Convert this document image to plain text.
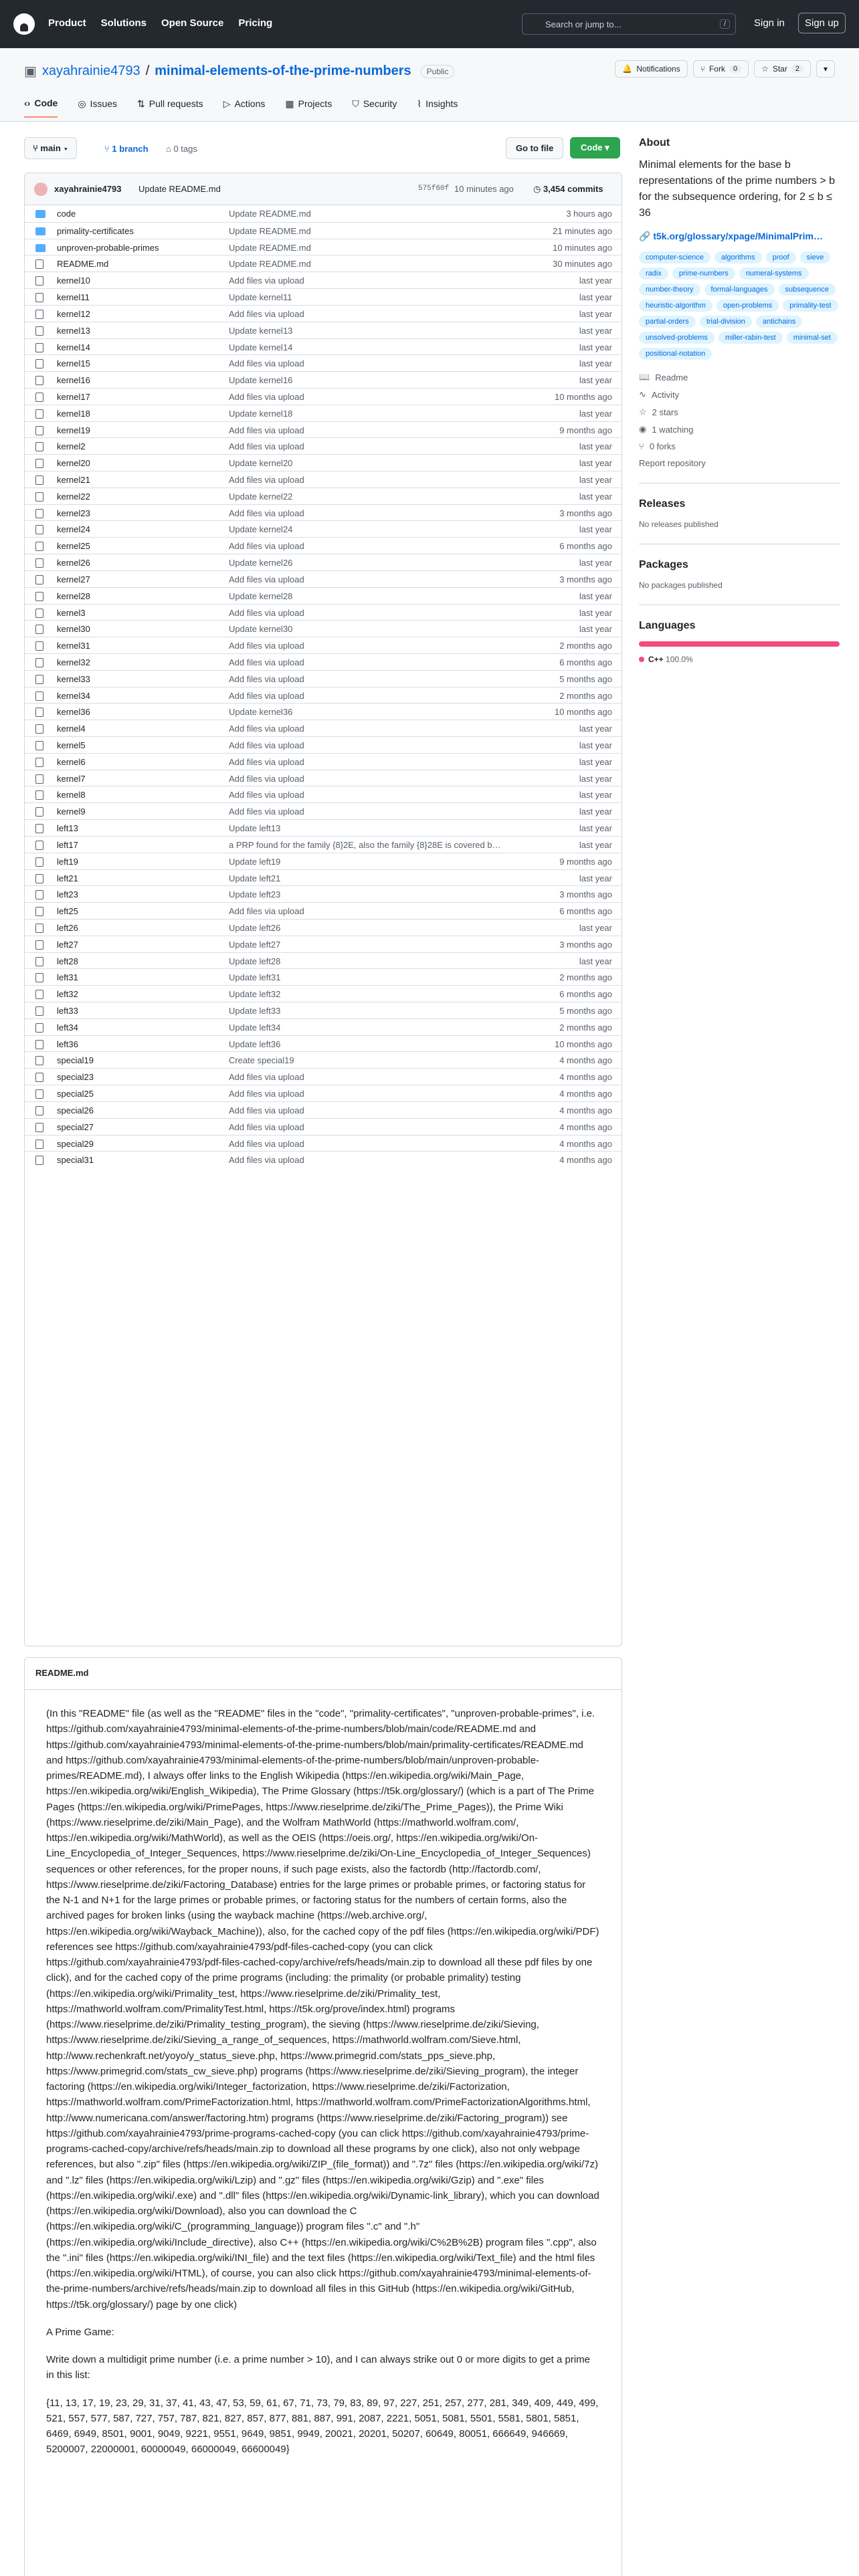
Product Solutions Open Source Pricing	Search or jump to...	/	Sign in	Sign up
▣ xayahrainie4793 / minimal-elements-of-the-prime-numbers	Public	🔔 Notifications	⑂ Fork	0	☆ Star	2	▾
‹› Code ◎ Issues ⇅ Pull requests ▷ Actions ▦ Projects ⛉ Security ⌇ Insights
⑂ main ▾	⑂ 1 branch ⌂ 0 tags	Go to file	Code ▾
xayahrainie4793 Update README.md	575f60f 10 minutes ago ◷ 3,454 commits
code	Update README.md	3 hours ago
primality-certificates	Update README.md	21 minutes ago
unproven-probable-primes	Update README.md	10 minutes ago
README.md	Update README.md	30 minutes ago
kernel10	Add files via upload	last year
kernel11	Update kernel11	last year
kernel12	Add files via upload	last year
kernel13	Update kernel13	last year
kernel14	Update kernel14	last year
kernel15	Add files via upload	last year
kernel16	Update kernel16	last year
kernel17	Add files via upload	10 months ago
kernel18	Update kernel18	last year
kernel19	Add files via upload	9 months ago
kernel2	Add files via upload	last year
kernel20	Update kernel20	last year
kernel21	Add files via upload	last year
kernel22	Update kernel22	last year
kernel23	Add files via upload	3 months ago
kernel24	Update kernel24	last year
kernel25	Add files via upload	6 months ago
kernel26	Update kernel26	last year
kernel27	Add files via upload	3 months ago
kernel28	Update kernel28	last year
kernel3	Add files via upload	last year
kernel30	Update kernel30	last year
kernel31	Add files via upload	2 months ago
kernel32	Add files via upload	6 months ago
kernel33	Add files via upload	5 months ago
kernel34	Add files via upload	2 months ago
kernel36	Update kernel36	10 months ago
kernel4	Add files via upload	last year
kernel5	Add files via upload	last year
kernel6	Add files via upload	last year
kernel7	Add files via upload	last year
kernel8	Add files via upload	last year
kernel9	Add files via upload	last year
left13	Update left13	last year
left17	a PRP found for the family {8}2E, also the family {8}28E is covered b…	last year
left19	Update left19	9 months ago
left21	Update left21	last year
left23	Update left23	3 months ago
left25	Add files via upload	6 months ago
left26	Update left26	last year
left27	Update left27	3 months ago
left28	Update left28	last year
left31	Update left31	2 months ago
left32	Update left32	6 months ago
left33	Update left33	5 months ago
left34	Update left34	2 months ago
left36	Update left36	10 months ago
special19	Create special19	4 months ago
special23	Add files via upload	4 months ago
special25	Add files via upload	4 months ago
special26	Add files via upload	4 months ago
special27	Add files via upload	4 months ago
special29	Add files via upload	4 months ago
special31	Add files via upload	4 months ago
README.md

(In this "README" file (as well as the "README" files in the "code", "primality-certificates", "unproven-probable-primes", i.e. https://github.com/xayahrainie4793/minimal-elements-of-the-prime-numbers/blob/main/code/README.md and https://github.com/xayahrainie4793/minimal-elements-of-the-prime-numbers/blob/main/primality-certificates/README.md and https://github.com/xayahrainie4793/minimal-elements-of-the-prime-numbers/blob/main/unproven-probable-primes/README.md), I always offer links to the English Wikipedia (https://en.wikipedia.org/wiki/Main_Page, https://en.wikipedia.org/wiki/English_Wikipedia), The Prime Glossary (https://t5k.org/glossary/) (which is a part of The Prime Pages (https://en.wikipedia.org/wiki/PrimePages, https://www.rieselprime.de/ziki/The_Prime_Pages)), the Prime Wiki (https://www.rieselprime.de/ziki/Main_Page), and the Wolfram MathWorld (https://mathworld.wolfram.com/, https://en.wikipedia.org/wiki/MathWorld), as well as the OEIS (https://oeis.org/, https://en.wikipedia.org/wiki/On-Line_Encyclopedia_of_Integer_Sequences, https://www.rieselprime.de/ziki/On-Line_Encyclopedia_of_Integer_Sequences) sequences or other references, for the proper nouns, if such page exists, also the factordb (http://factordb.com/, https://www.rieselprime.de/ziki/Factoring_Database) entries for the large primes or probable primes, or factoring status for the N-1 and N+1 for the large primes or probable primes, or factoring status for the numbers of certain forms, also the archived pages for broken links (using the wayback machine (https://web.archive.org/, https://en.wikipedia.org/wiki/Wayback_Machine)), also, for the cached copy of the pdf files (https://en.wikipedia.org/wiki/PDF) references see https://github.com/xayahrainie4793/pdf-files-cached-copy (you can click https://github.com/xayahrainie4793/pdf-files-cached-copy/archive/refs/heads/main.zip to download all these pdf files by one click), and for the cached copy of the prime programs (including: the primality (or probable primality) testing (https://en.wikipedia.org/wiki/Primality_test, https://www.rieselprime.de/ziki/Primality_test, https://mathworld.wolfram.com/PrimalityTest.html, https://t5k.org/prove/index.html) programs (https://www.rieselprime.de/ziki/Primality_testing_program), the sieving (https://www.rieselprime.de/ziki/Sieving, https://www.rieselprime.de/ziki/Sieving_a_range_of_sequences, https://mathworld.wolfram.com/Sieve.html, http://www.rechenkraft.net/yoyo/y_status_sieve.php, https://www.primegrid.com/stats_pps_sieve.php, https://www.primegrid.com/stats_cw_sieve.php) programs (https://www.rieselprime.de/ziki/Sieving_program), the integer factoring (https://en.wikipedia.org/wiki/Integer_factorization, https://www.rieselprime.de/ziki/Factorization, https://mathworld.wolfram.com/PrimeFactorization.html, https://mathworld.wolfram.com/PrimeFactorizationAlgorithms.html, http://www.numericana.com/answer/factoring.htm) programs (https://www.rieselprime.de/ziki/Factoring_program)) see https://github.com/xayahrainie4793/prime-programs-cached-copy (you can click https://github.com/xayahrainie4793/prime-programs-cached-copy/archive/refs/heads/main.zip to download all these programs by one click), also not only webpage references, but also ".zip" files (https://en.wikipedia.org/wiki/ZIP_(file_format)) and ".7z" files (https://en.wikipedia.org/wiki/7z) and ".lz" files (https://en.wikipedia.org/wiki/Lzip) and ".gz" files (https://en.wikipedia.org/wiki/Gzip) and ".exe" files (https://en.wikipedia.org/wiki/.exe) and ".dll" files (https://en.wikipedia.org/wiki/Dynamic-link_library), which you can download (https://en.wikipedia.org/wiki/Download), also you can download the C (https://en.wikipedia.org/wiki/C_(programming_language)) program files ".c" and ".h" (https://en.wikipedia.org/wiki/Include_directive), also C++ (https://en.wikipedia.org/wiki/C%2B%2B) program files ".cpp", also the ".ini" files (https://en.wikipedia.org/wiki/INI_file) and the text files (https://en.wikipedia.org/wiki/Text_file) and the html files (https://en.wikipedia.org/wiki/HTML), of course, you can also click https://github.com/xayahrainie4793/minimal-elements-of-the-prime-numbers/archive/refs/heads/main.zip to download all files in this GitHub (https://en.wikipedia.org/wiki/GitHub, https://t5k.org/glossary/) page by one click)

A Prime Game:

Write down a multidigit prime number (i.e. a prime number > 10), and I can always strike out 0 or more digits to get a prime in this list:

{11, 13, 17, 19, 23, 29, 31, 37, 41, 43, 47, 53, 59, 61, 67, 71, 73, 79, 83, 89, 97, 227, 251, 257, 277, 281, 349, 409, 449, 499, 521, 557, 577, 587, 727, 757, 787, 821, 827, 857, 877, 881, 887, 991, 2087, 2221, 5051, 5081, 5501, 5581, 5801, 5851, 6469, 6949, 8501, 9001, 9049, 9221, 9551, 9649, 9851, 9949, 20021, 20201, 50207, 60649, 80051, 666649, 946669, 5200007, 22000001, 60000049, 66000049, 66600049}

About
Minimal elements for the base b representations of the prime numbers > b for the subsequence ordering, for 2 ≤ b ≤ 36
🔗 t5k.org/glossary/xpage/MinimalPrim…
computer-science	algorithms	proof	sieve
radix	prime-numbers	numeral-systems
number-theory	formal-languages	subsequence
heuristic-algorithm	open-problems	primality-test
partial-orders	trial-division	antichains
unsolved-problems	miller-rabin-test	minimal-set
positional-notation
📖 Readme
∿ Activity
☆ 2 stars
◉ 1 watching
⑂ 0 forks
Report repository
Releases
No releases published
Packages
No packages published
Languages
C++ 100.0%
